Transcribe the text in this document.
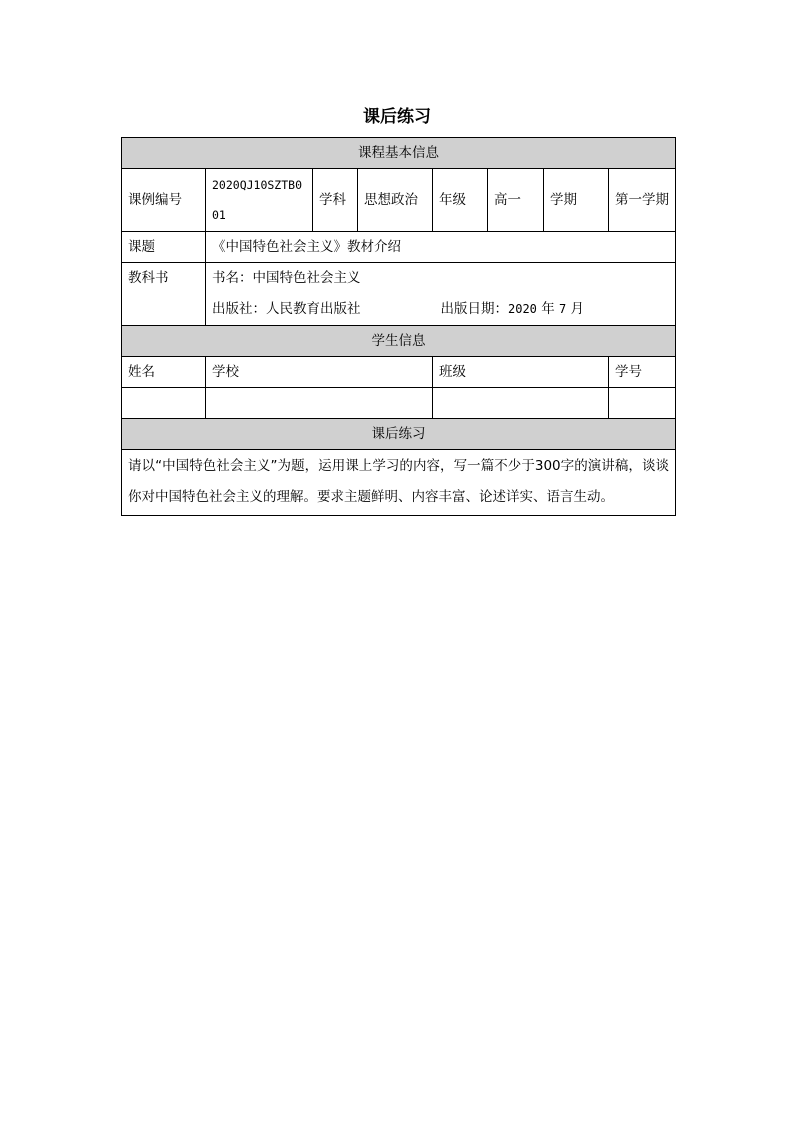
课后练习
课程基本信息							
课例编号	2020QJ10SZTB001	学科	思想政治	年级	高一	学期	第一学期
课题	《中国特色社会主义》教材介绍						
教科书	书名：中国特色社会主义
出版社：人民教育出版社 出版日期：2020 年 7 月						

学生信息							
姓名	学校			班级			学号

课后练习							
请以“中国特色社会主义”为题，运用课上学习的内容，写一篇不少于300字的演讲稿，谈谈你对中国特色社会主义的理解。要求主题鲜明、内容丰富、论述详实、语言生动。							
